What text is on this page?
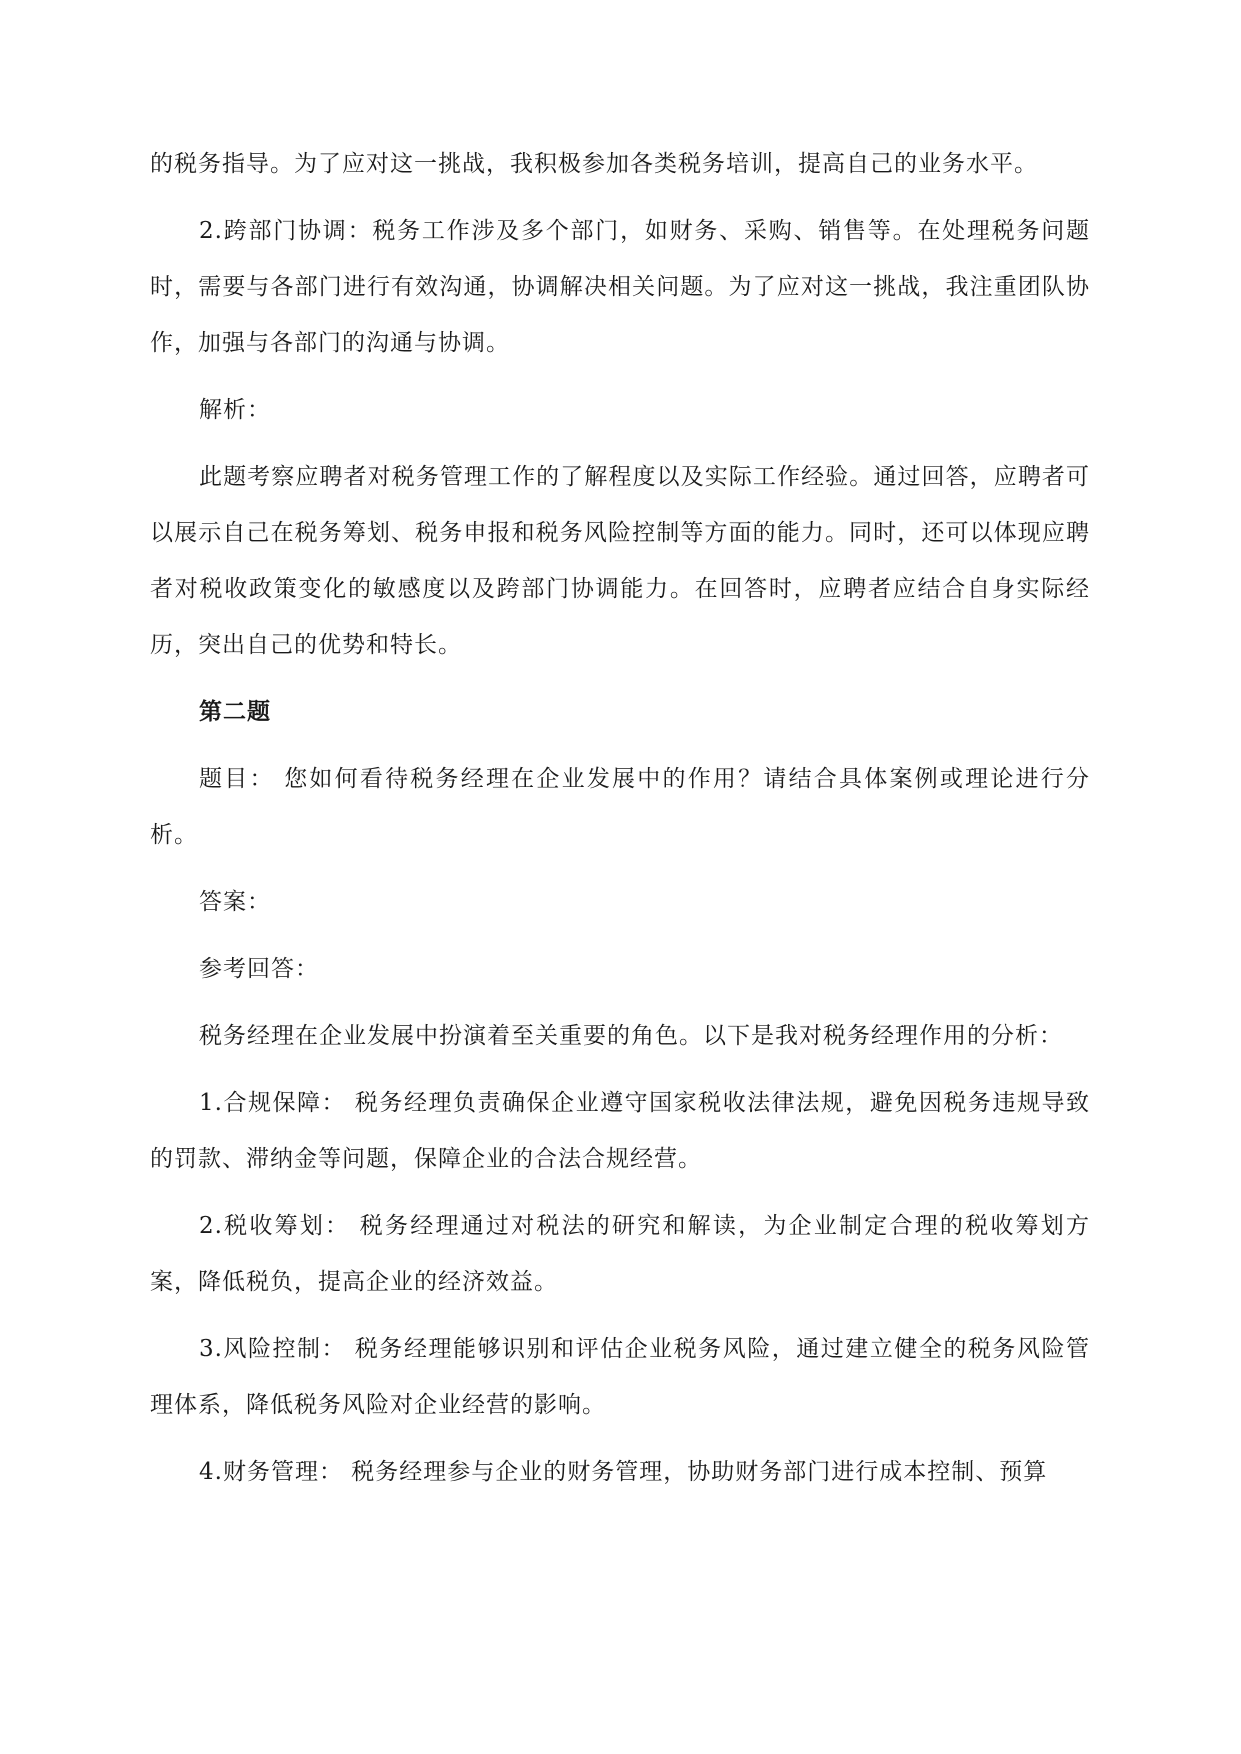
的税务指导。为了应对这一挑战，我积极参加各类税务培训，提高自己的业务水平。

2.跨部门协调：税务工作涉及多个部门，如财务、采购、销售等。在处理税务问题时，需要与各部门进行有效沟通，协调解决相关问题。为了应对这一挑战，我注重团队协作，加强与各部门的沟通与协调。

解析：

此题考察应聘者对税务管理工作的了解程度以及实际工作经验。通过回答，应聘者可以展示自己在税务筹划、税务申报和税务风险控制等方面的能力。同时，还可以体现应聘者对税收政策变化的敏感度以及跨部门协调能力。在回答时，应聘者应结合自身实际经历，突出自己的优势和特长。

第二题

题目： 您如何看待税务经理在企业发展中的作用？请结合具体案例或理论进行分析。

答案：

参考回答：

税务经理在企业发展中扮演着至关重要的角色。以下是我对税务经理作用的分析：

1.合规保障： 税务经理负责确保企业遵守国家税收法律法规，避免因税务违规导致的罚款、滞纳金等问题，保障企业的合法合规经营。

2.税收筹划： 税务经理通过对税法的研究和解读，为企业制定合理的税收筹划方案，降低税负，提高企业的经济效益。

3.风险控制： 税务经理能够识别和评估企业税务风险，通过建立健全的税务风险管理体系，降低税务风险对企业经营的影响。

4.财务管理： 税务经理参与企业的财务管理，协助财务部门进行成本控制、预算
